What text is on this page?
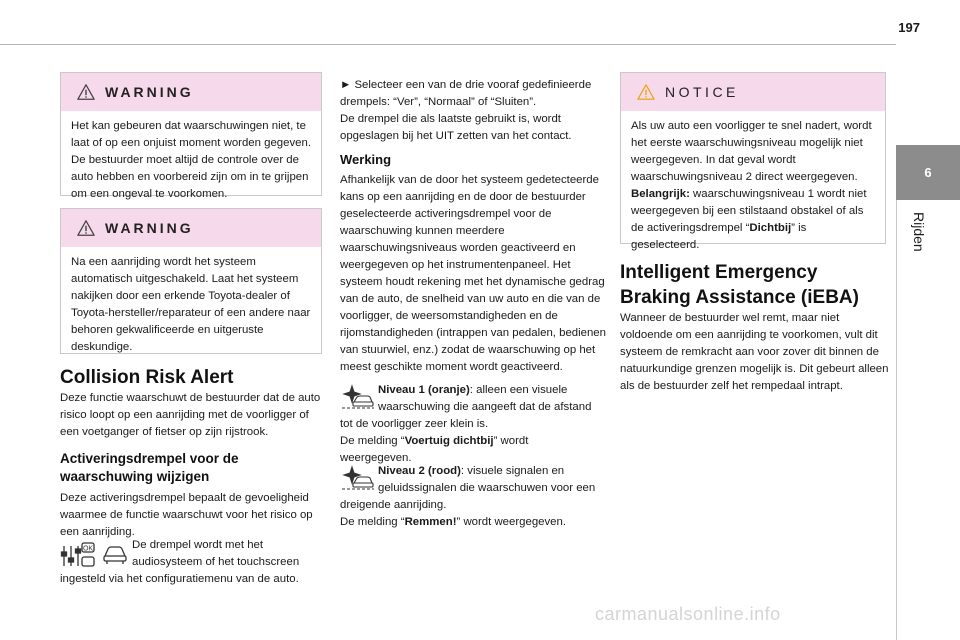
197
6
Rijden
WARNING
Het kan gebeuren dat waarschuwingen niet, te laat of op een onjuist moment worden gegeven. De bestuurder moet altijd de controle over de auto hebben en voorbereid zijn om in te grijpen om een ongeval te voorkomen.
WARNING
Na een aanrijding wordt het systeem automatisch uitgeschakeld. Laat het systeem nakijken door een erkende Toyota-dealer of Toyota-hersteller/reparateur of een andere naar behoren gekwalificeerde en uitgeruste deskundige.
Collision Risk Alert
Deze functie waarschuwt de bestuurder dat de auto risico loopt op een aanrijding met de voorligger of een voetganger of fietser op zijn rijstrook.
Activeringsdrempel voor de
waarschuwing wijzigen
Deze activeringsdrempel bepaalt de gevoeligheid waarmee de functie waarschuwt voor het risico op een aanrijding.
OK	De drempel wordt met het
audiosysteem of het touchscreen
ingesteld via het configuratiemenu van de auto.
► Selecteer een van de drie vooraf gedefinieerde
drempels: “Ver”, “Normaal” of “Sluiten”.
De drempel die als laatste gebruikt is, wordt
opgeslagen bij het UIT zetten van het contact.
Werking
Afhankelijk van de door het systeem gedetecteerde kans op een aanrijding en de door de bestuurder geselecteerde activeringsdrempel voor de waarschuwing kunnen meerdere waarschuwingsniveaus worden geactiveerd en weergegeven op het instrumentenpaneel. Het systeem houdt rekening met het dynamische gedrag van de auto, de snelheid van uw auto en die van de voorligger, de weersomstandigheden en de rijomstandigheden (intrappen van pedalen, bedienen van stuurwiel, enz.) zodat de waarschuwing op het meest geschikte moment wordt geactiveerd.
Niveau 1 (oranje): alleen een visuele
waarschuwing die aangeeft dat de afstand
tot de voorligger zeer klein is.
De melding “Voertuig dichtbij” wordt
weergegeven.
Niveau 2 (rood): visuele signalen en
geluidssignalen die waarschuwen voor een
dreigende aanrijding.
De melding “Remmen!” wordt weergegeven.
NOTICE
Als uw auto een voorligger te snel nadert, wordt het eerste waarschuwingsniveau mogelijk niet weergegeven. In dat geval wordt waarschuwingsniveau 2 direct weergegeven.
Belangrijk: waarschuwingsniveau 1 wordt niet weergegeven bij een stilstaand obstakel of als de activeringsdrempel “Dichtbij” is geselecteerd.
Intelligent Emergency
Braking Assistance (iEBA)
Wanneer de bestuurder wel remt, maar niet voldoende om een aanrijding te voorkomen, vult dit systeem de remkracht aan voor zover dit binnen de natuurkundige grenzen mogelijk is. Dit gebeurt alleen als de bestuurder zelf het rempedaal intrapt.
carmanualsonline.info
